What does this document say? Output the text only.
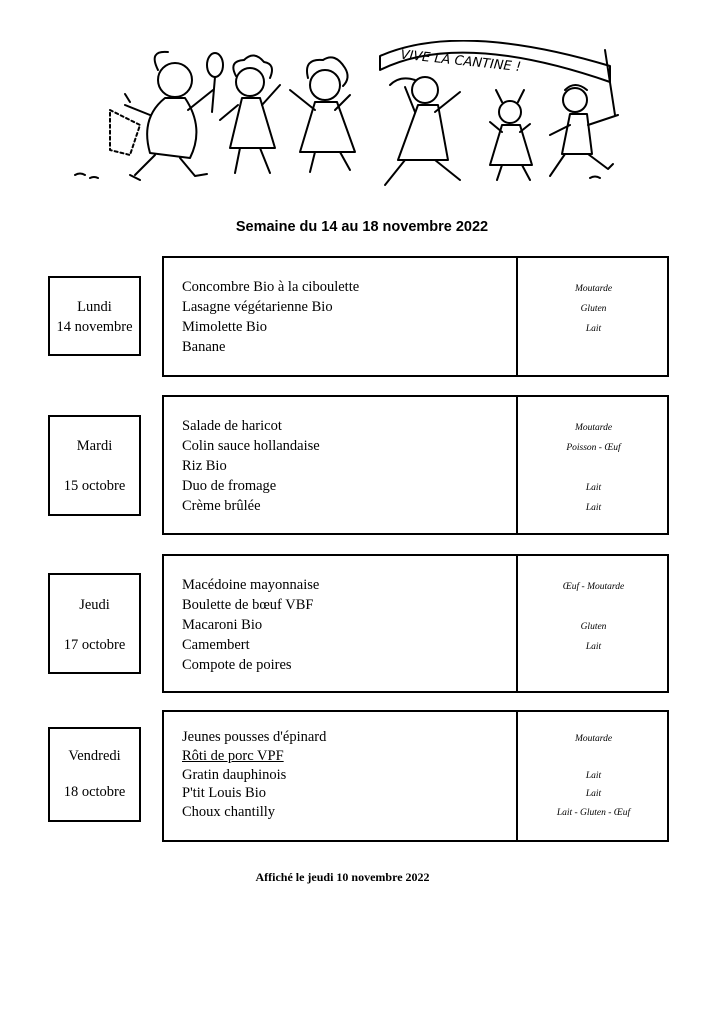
VIVE LA CANTINE !
Semaine du 14 au 18 novembre 2022
Lundi
14 novembre
Concombre Bio à la ciboulette
Lasagne végétarienne Bio
Mimolette Bio
Banane
Moutarde
Gluten
Lait
Mardi
15 octobre
Salade de haricot
Colin sauce hollandaise
Riz Bio
Duo de fromage
Crème brûlée
Moutarde
Poisson - Œuf
Lait
Lait
Jeudi
17 octobre
Macédoine mayonnaise
Boulette de bœuf VBF
Macaroni Bio
Camembert
Compote de poires
Œuf - Moutarde
Gluten
Lait
Vendredi
18 octobre
Jeunes pousses d'épinard
Rôti de porc VPF
Gratin dauphinois
P'tit Louis Bio
Choux chantilly
Moutarde
Lait
Lait
Lait - Gluten - Œuf
Affiché le jeudi 10 novembre 2022
